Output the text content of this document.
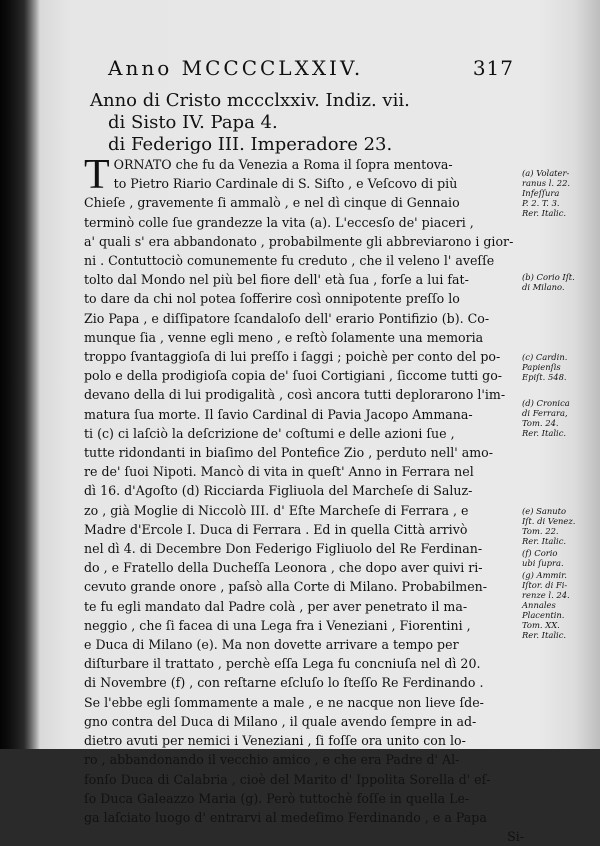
Anno MCCCCLXXIV.	317
Anno di Cristo mccclxxiv. Indiz. vii.
di Sisto IV. Papa 4.
di Federigo III. Imperadore 23.
T ORNATO che fu da Venezia a Roma il ſopra mentova-
to Pietro Riario Cardinale di S. Siſto , e Veſcovo di più
Chieſe , gravemente ſi ammalò , e nel dì cinque di Gennaio
terminò colle ſue grandezze la vita (a). L'eccesſo de' piaceri ,
a' quali s' era abbandonato , probabilmente gli abbreviarono i gior-
ni . Contuttociò comunemente fu creduto , che il veleno l' aveſſe
tolto dal Mondo nel più bel fiore dell' età ſua , forſe a lui fat-
to dare da chi nol potea ſofferire così onnipotente preſſo lo
Zio Papa , e diſſipatore ſcandaloſo dell' erario Pontifizio (b). Co-
munque ſia , venne egli meno , e reſtò ſolamente una memoria
troppo ſvantaggioſa di lui preſſo i ſaggi ; poichè per conto del po-
polo e della prodigioſa copia de' ſuoi Cortigiani , ſiccome tutti go-
devano della di lui prodigalità , così ancora tutti deplorarono l'im-
matura ſua morte. Il ſavio Cardinal di Pavia Jacopo Ammana-
ti (c) ci laſciò la deſcrizione de' coſtumi e delle azioni ſue ,
tutte ridondanti in biaſimo del Pontefice Zio , perduto nell' amo-
re de' ſuoi Nipoti. Mancò di vita in queſt' Anno in Ferrara nel
dì 16. d'Agoſto (d) Ricciarda Figliuola del Marcheſe di Saluz-
zo , già Moglie di Niccolò III. d' Eſte Marcheſe di Ferrara , e
Madre d'Ercole I. Duca di Ferrara . Ed in quella Città arrivò
nel dì 4. di Decembre Don Federigo Figliuolo del Re Ferdinan-
do , e Fratello della Ducheſſa Leonora , che dopo aver quivi ri-
cevuto grande onore , paſsò alla Corte di Milano. Probabilmen-
te fu egli mandato dal Padre colà , per aver penetrato il ma-
neggio , che ſi facea di una Lega fra i Veneziani , Fiorentini ,
e Duca di Milano (e). Ma non dovette arrivare a tempo per
diſturbare il trattato , perchè eſſa Lega fu concniuſa nel dì 20.
di Novembre (f) , con reſtarne eſcluſo lo ſteſſo Re Ferdinando .
Se l'ebbe egli ſommamente a male , e ne nacque non lieve ſde-
gno contra del Duca di Milano , il quale avendo ſempre in ad-
dietro avuti per nemici i Veneziani , ſi foſſe ora unito con lo-
ro , abbandonando il vecchio amico , e che era Padre d' Al-
fonſo Duca di Calabria , cioè del Marito d' Ippolita Sorella d' eſ-
ſo Duca Galeazzo Maria (g). Però tuttochè foſſe in quella Le-
ga laſciato luogo d' entrarvi al medeſimo Ferdinando , e a Papa
Si-
(a) Volater-
ranus l. 22.
Infeſſura
P. 2. T. 3.
Rer. Italic.
(b) Corio Iſt.
di Milano.
(c) Cardin.
Papienſis
Epiſt. 548.
(d) Cronica
di Ferrara,
Tom. 24.
Rer. Italic.
(e) Sanuto
Iſt. di Venez.
Tom. 22.
Rer. Italic.
(f) Corio
ubi ſupra.
(g) Ammir.
Iſtor. di Fi-
renze l. 24.
Annales
Placentin.
Tom. XX.
Rer. Italic.
